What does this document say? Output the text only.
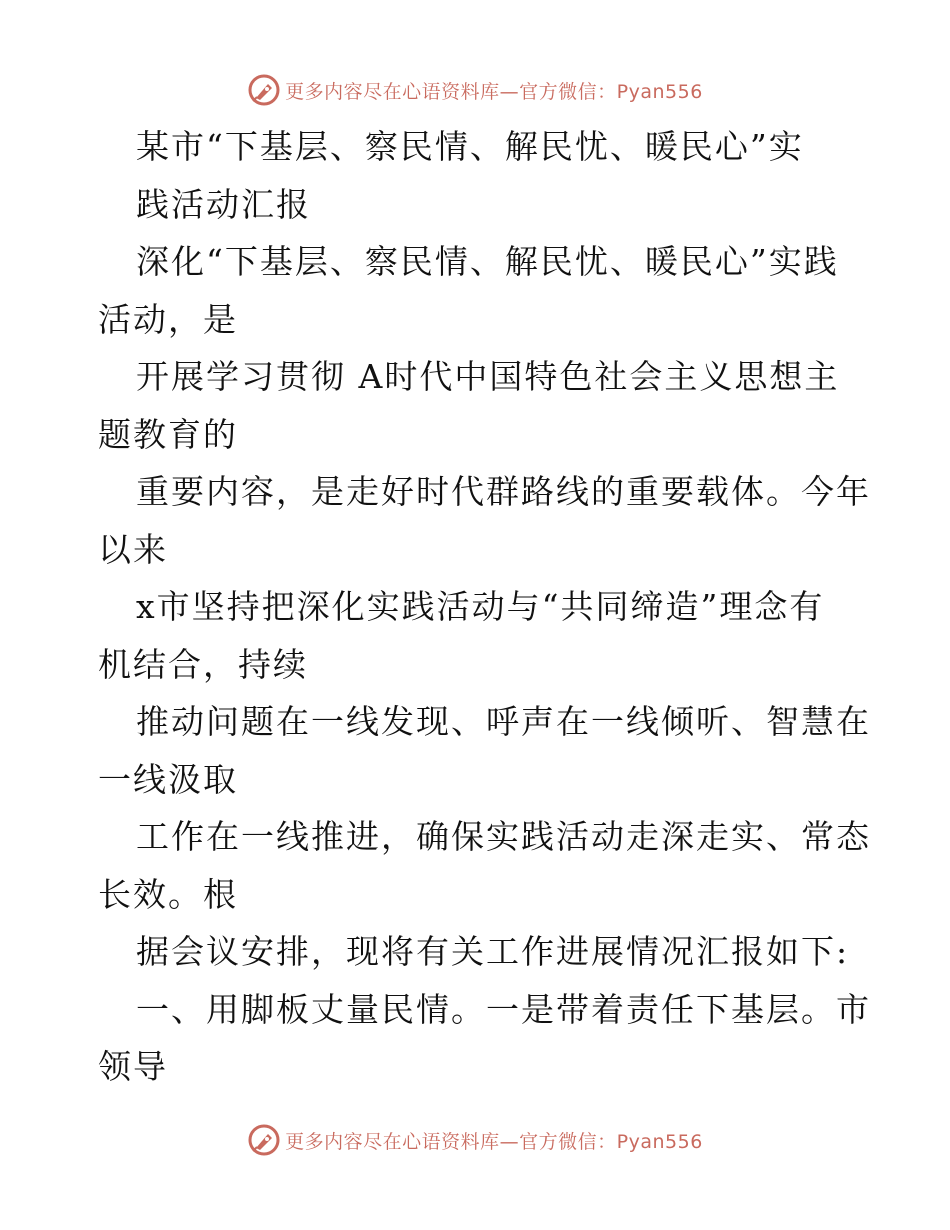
更多内容尽在心语资料库—官方微信：Pyan556
某市“下基层、察民情、解民忧、暖民心”实
践活动汇报
深化“下基层、察民情、解民忧、暖民心”实践
活动，是
开展学习贯彻 A时代中国特色社会主义思想主
题教育的
重要内容，是走好时代群路线的重要载体。今年
以来
x市坚持把深化实践活动与“共同缔造”理念有
机结合，持续
推动问题在一线发现、呼声在一线倾听、智慧在
一线汲取
工作在一线推进，确保实践活动走深走实、常态
长效。根
据会议安排，现将有关工作进展情况汇报如下:
一、用脚板丈量民情。一是带着责任下基层。市
领导
更多内容尽在心语资料库—官方微信：Pyan556
